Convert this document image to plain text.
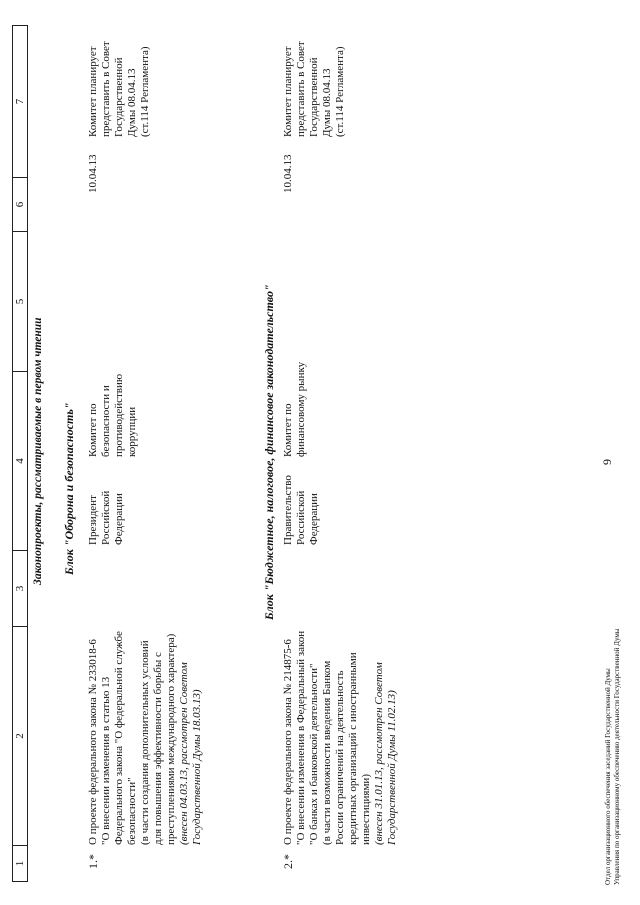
9
1
2
3
4
5
6
7
Законопроекты, рассматриваемые в первом чтении Блок "Оборона и безопасность"
1.*
О проекте федерального закона № 233018-6 "О внесении изменения в статью 13 Федерального закона "О федеральной службе безопасности" (в части создания дополнительных условий для повышения эффективности борьбы с преступлениями международного характера) (внесен 04.03.13, рассмотрен Советом Государственной Думы 18.03.13)
Президент Российской Федерации
Комитет по безопасности и противодействию коррупции
10.04.13
Комитет планирует представить в Совет Государственной Думы 08.04.13 (ст.114 Регламента)
Блок "Бюджетное, налоговое, финансовое законодательство"
2.*
О проекте федерального закона № 214875-6 "О внесении изменения в Федеральный закон "О банках и банковской деятельности" (в части возможности введения Банком России ограничений на деятельность кредитных организаций с иностранными инвестициями) (внесен 31.01.13, рассмотрен Советом Государственной Думы 11.02.13)
Правительство Российской Федерации
Комитет по финансовому рынку
10.04.13
Комитет планирует представить в Совет Государственной Думы 08.04.13 (ст.114 Регламента)
Отдел организационного обеспечения заседаний Государственной Думы Управления по организационному обеспечению деятельности Государственной Думы
